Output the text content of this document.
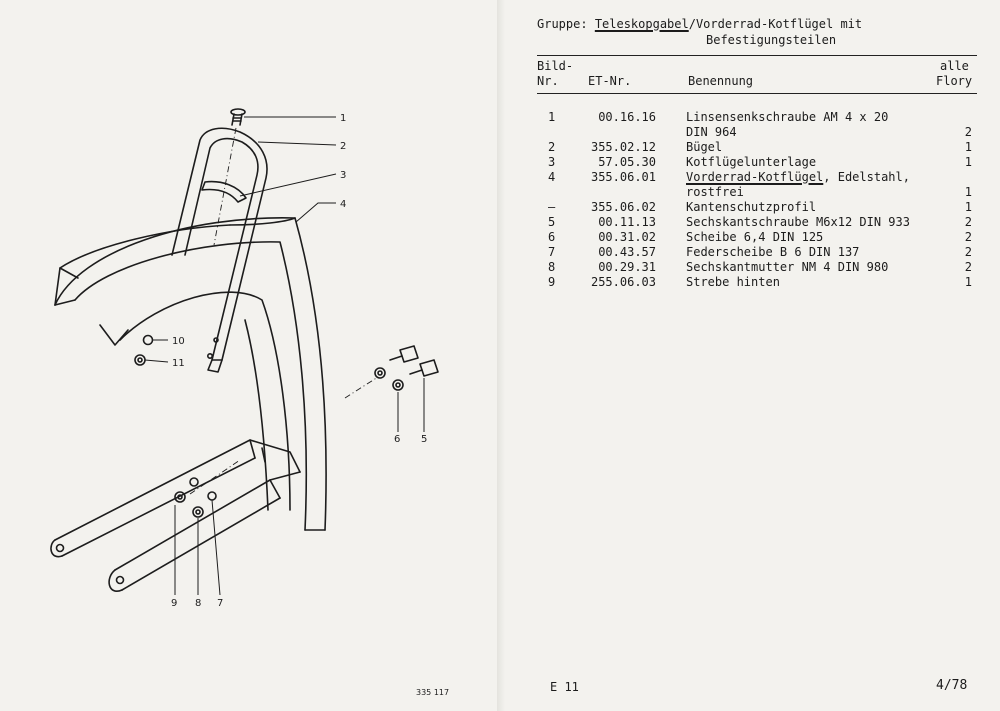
1
2
3
4
10
11
6 5
9 8 7
Gruppe: Teleskopgabel/Vorderrad-Kotflügel mit
Befestigungsteilen
Bild-
Nr. ET-Nr.	Benennung
alle
Flory
1	00.16.16	Linsensenkschraube AM 4 x 20
DIN 964	2
2	355.02.12	Bügel	1
3	57.05.30	Kotflügelunterlage	1
4	355.06.01	Vorderrad-Kotflügel, Edelstahl,
rostfrei	1
–	355.06.02	Kantenschutzprofil	1
5	00.11.13	Sechskantschraube M6x12 DIN 933	2
6	00.31.02	Scheibe 6,4 DIN 125	2
7	00.43.57	Federscheibe B 6 DIN 137	2
8	00.29.31	Sechskantmutter NM 4 DIN 980	2
9	255.06.03	Strebe hinten	1
335 117	E 11	4/78
